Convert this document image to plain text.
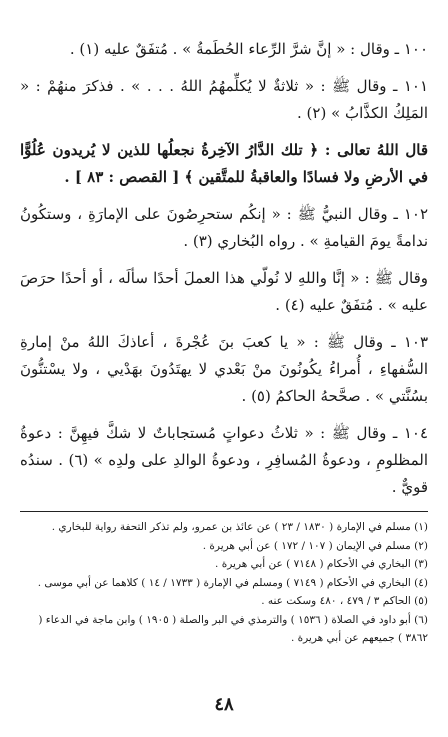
١٠٠ ـ وقال : « إنَّ شرَّ الرِّعاء الحُطَمةُ » . مُتفَقٌ عليه (١) .

١٠١ ـ وقال ﷺ : « ثلاثةٌ لا يُكلِّمهُمُ اللهُ . . . » . فذكرَ منهُمْ : « المَلِكُ الكذَّابُ » (٢) .

قال اللهُ تعالى : ﴿ تلك الدَّارُ الآخِرةُ نجعلُها للذين لا يُريدون عُلُوًّا في الأرضِ ولا فسادًا والعاقبةُ للمتَّقين ﴾ [ القصص : ٨٣ ] .

١٠٢ ـ وقال النبيُّ ﷺ : « إنكُم ستحرِصُونَ على الإمارَةِ ، وستكُونُ ندامةً يومَ القيامةِ » . رواه البُخاري (٣) .

وقال ﷺ : « إنَّا واللهِ لا نُولّي هذا العملَ أحدًا سألَه ، أو أحدًا حرَصَ عليه » . مُتفَقٌ عليه (٤) .

١٠٣ ـ وقال ﷺ : « يا كعبَ بنَ عُجْرةَ ، أعاذكَ اللهُ منْ إمارةِ السُّفهاءِ ، أُمراءُ يكُونُونَ منْ بَعْدي لا يهتَدُونَ بهَدْيي ، ولا يسْتنُّونَ بسُنَّتي » . صحَّحهُ الحاكمُ (٥) .

١٠٤ ـ وقال ﷺ : « ثلاثُ دعواتٍ مُستجاباتٌ لا شكَّ فيهِنَّ : دعوةُ المظلومِ ، ودعوةُ المُسافِرِ ، ودعوةُ الوالدِ على ولدِه » (٦) . سندُه قويٌّ .

(١) مسلم في الإمارة ( ١٨٣٠ / ٢٣ ) عن عائذ بن عمرو، ولم تذكر التحفة رواية للبخاري .

(٢) مسلم في الإيمان ( ١٠٧ / ١٧٢ ) عن أبي هريرة .

(٣) البخاري في الأحكام ( ٧١٤٨ ) عن أبي هريرة .

(٤) البخاري في الأحكام ( ٧١٤٩ ) ومسلم في الإمارة ( ١٧٣٣ / ١٤ ) كلاهما عن أبي موسى .

(٥) الحاكم ٣ / ٤٧٩ ، ٤٨٠ وسكت عنه .

(٦) أبو داود في الصلاة ( ١٥٣٦ ) والترمذي في البر والصلة ( ١٩٠٥ ) وابن ماجة في الدعاء ( ٣٨٦٢ ) جميعهم عن أبي هريرة .

٤٨
